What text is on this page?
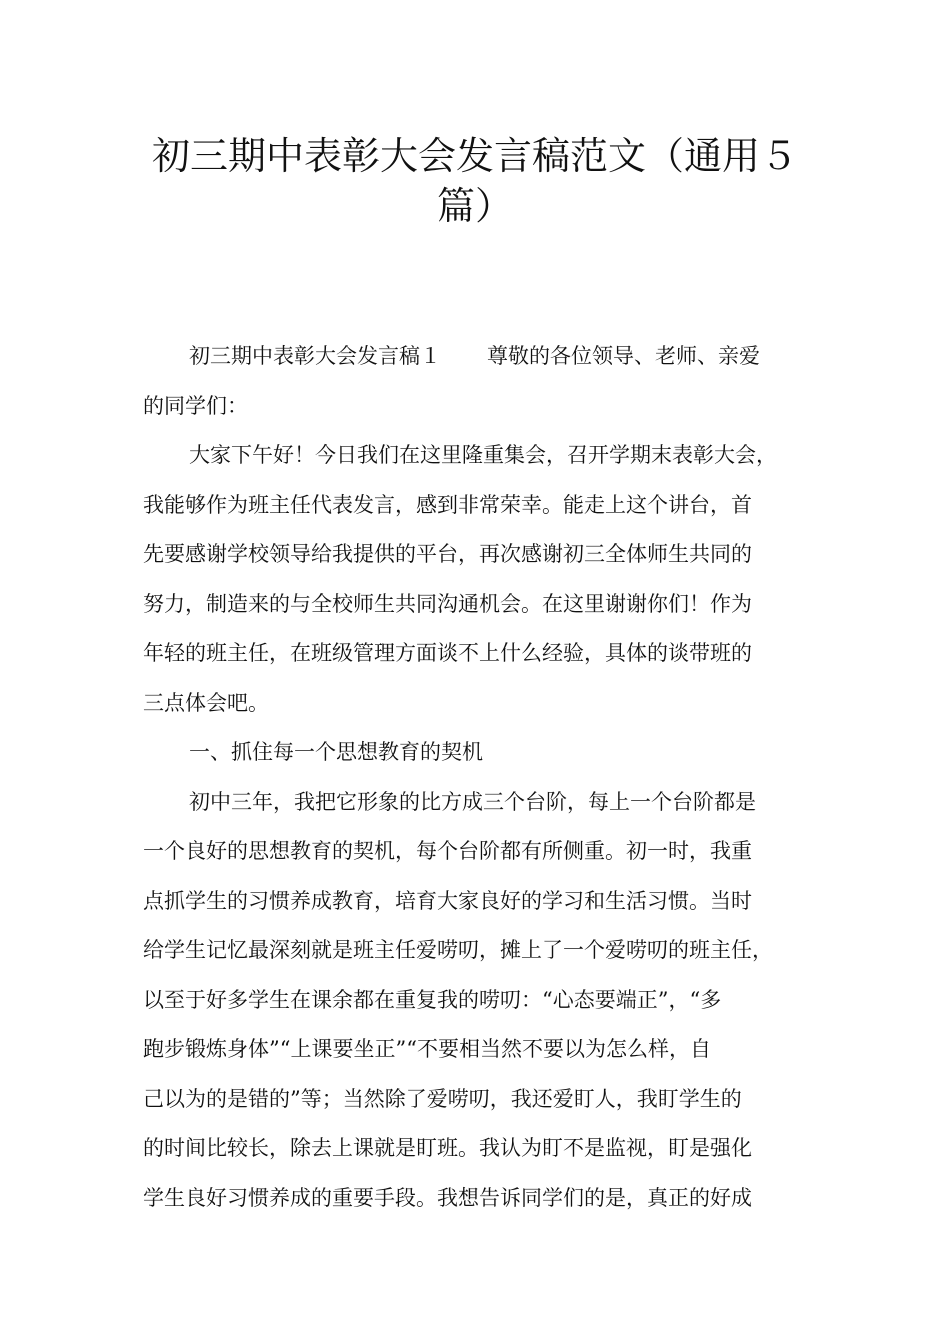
初三期中表彰大会发言稿范文（通用５
篇）
初三期中表彰大会发言稿１ 尊敬的各位领导、老师、亲爱
的同学们：
大家下午好！今日我们在这里隆重集会，召开学期末表彰大会，
我能够作为班主任代表发言，感到非常荣幸。能走上这个讲台，首
先要感谢学校领导给我提供的平台，再次感谢初三全体师生共同的
努力，制造来的与全校师生共同沟通机会。在这里谢谢你们！作为
年轻的班主任，在班级管理方面谈不上什么经验，具体的谈带班的
三点体会吧。
一、抓住每一个思想教育的契机
初中三年，我把它形象的比方成三个台阶，每上一个台阶都是
一个良好的思想教育的契机，每个台阶都有所侧重。初一时，我重
点抓学生的习惯养成教育，培育大家良好的学习和生活习惯。当时
给学生记忆最深刻就是班主任爱唠叨，摊上了一个爱唠叨的班主任，
以至于好多学生在课余都在重复我的唠叨：“心态要端正”，“多
跑步锻炼身体”“上课要坐正”“不要相当然不要以为怎么样，自
己以为的是错的”等；当然除了爱唠叨，我还爱盯人，我盯学生的
的时间比较长，除去上课就是盯班。我认为盯不是监视，盯是强化
学生良好习惯养成的重要手段。我想告诉同学们的是，真正的好成
